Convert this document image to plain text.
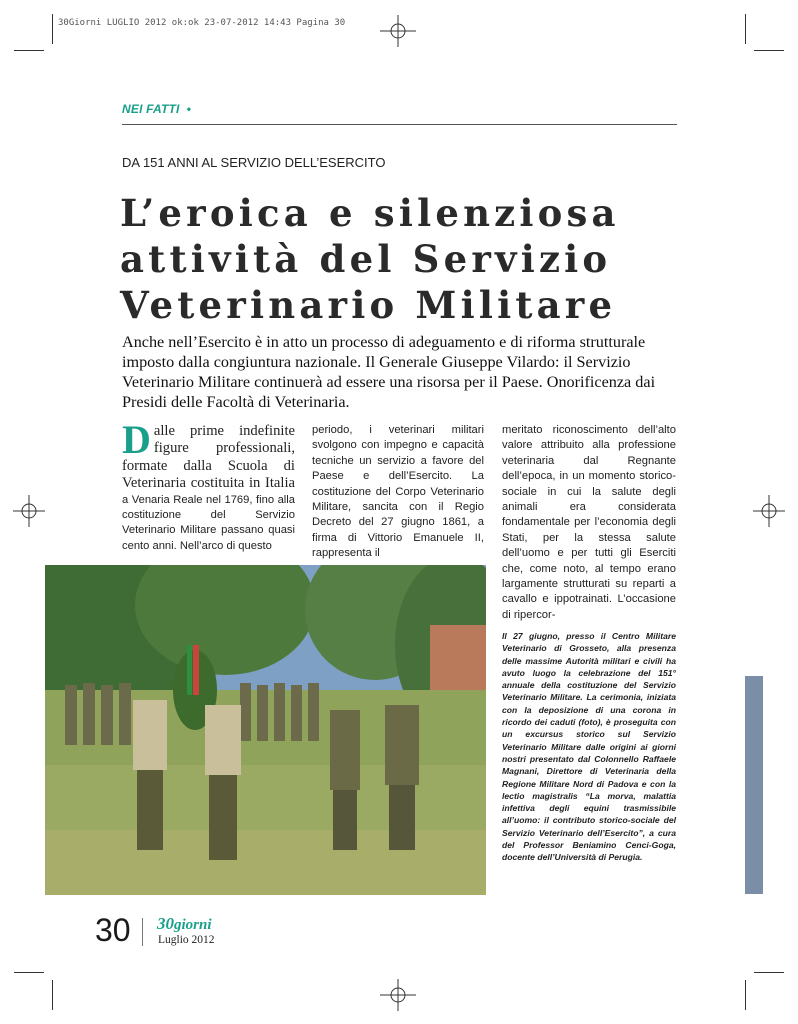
30Giorni LUGLIO 2012 ok:ok 23-07-2012 14:43 Pagina 30
NEI FATTI •
DA 151 ANNI AL SERVIZIO DELL’ESERCITO
L’eroica e silenziosa
attività del Servizio
Veterinario Militare
Anche nell’Esercito è in atto un processo di adeguamento e di riforma strutturale imposto dalla congiuntura nazionale. Il Generale Giuseppe Vilardo: il Servizio Veterinario Militare continuerà ad essere una risorsa per il Paese. Onorificenza dai Presidi delle Facoltà di Veterinaria.
Dalle prime indefinite figure professionali, formate dalla Scuola di Veterinaria costituita in Italia a Venaria Reale nel 1769, fino alla costituzione del Servizio Veterinario Militare passano quasi cento anni. Nell’arco di questo
periodo, i veterinari militari svolgono con impegno e capacità tecniche un servizio a favore del Paese e dell’Esercito. La costituzione del Corpo Veterinario Militare, sancita con il Regio Decreto del 27 giugno 1861, a firma di Vittorio Emanuele II, rappresenta il
meritato riconoscimento dell’alto valore attribuito alla professione veterinaria dal Regnante dell’epoca, in un momento storico-sociale in cui la salute degli animali era considerata fondamentale per l’economia degli Stati, per la stessa salute dell’uomo e per tutti gli Eserciti che, come noto, al tempo erano largamente strutturati su reparti a cavallo e ippotrainati. L’occasione di ripercor-
Il 27 giugno, presso il Centro Militare Veterinario di Grosseto, alla presenza delle massime Autorità militari e civili ha avuto luogo la celebrazione del 151° annuale della costituzione del Servizio Veterinario Militare. La cerimonia, iniziata con la deposizione di una corona in ricordo dei caduti (foto), è proseguita con un excursus storico sul Servizio Veterinario Militare dalle origini ai giorni nostri presentato dal Colonnello Raffaele Magnani, Direttore di Veterinaria della Regione Militare Nord di Padova e con la lectio magistralis “La morva, malattia infettiva degli equini trasmissibile all’uomo: il contributo storico-sociale del Servizio Veterinario dell’Esercito”, a cura del Professor Beniamino Cenci-Goga, docente dell’Università di Perugia.
30 30giorni
Luglio 2012
